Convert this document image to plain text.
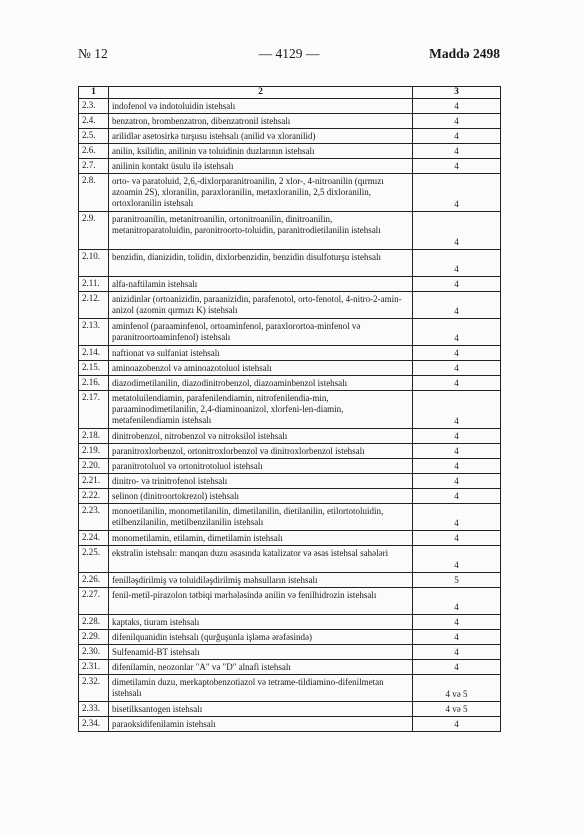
№ 12	— 4129 —	Maddə 2498
1	2	3
2.3.	indofenol və indotoluidin istehsalı	4
2.4.	benzatron, brombenzatron, dibenzatronil istehsalı	4
2.5.	arilidlər asetosirkə turşusu istehsalı (anilid və xloranilid)	4
2.6.	anilin, ksilidin, anilinin və toluidinin duzlarının istehsalı	4
2.7.	anilinin kontakt üsulu ilə istehsalı	4
2.8.	orto- və paratoluid, 2,6,-dixlorparanitroanilin, 2 xlor-, 4-nitroanilin (qırmızı azoamin 2S), xloranilin, paraxloranilin, metaxloranilin, 2,5 dixloranilin, ortoxloranilin istehsalı	4
2.9.	paranitroanilin, metanitroanilin, ortonitroanilin, dinitroanilin, metanitroparatoluidin, paronitroorto-toluidin, paranitrodietilanilin istehsalı	4
2.10.	benzidin, dianizidin, tolidin, dixlorbenzidin, benzidin disulfoturşu istehsalı	4
2.11.	alfa-naftilamin istehsalı	4
2.12.	anizidinlər (ortoanizidin, paraanizidin, parafenotol, orto-fenotol, 4-nitro-2-amin-anizol (azomin qırmızı K) istehsalı	4
2.13.	aminfenol (paraaminfenol, ortoaminfenol, paraxlorortoa-minfenol və paranitroortoaminfenol) istehsalı	4
2.14.	naftionat və sulfaniat istehsalı	4
2.15.	aminoazobenzol və aminoazotoluol istehsalı	4
2.16.	diazodimetilanilin, diazodinitrobenzol, diazoaminbenzol istehsalı	4
2.17.	metatoluilendiamin, parafenilendiamin, nitrofenilendia-min, paraaminodimetilanilin, 2,4-diaminoanizol, xlorfeni-len-diamin, metafenilendiamin istehsalı	4
2.18.	dinitrobenzol, nitrobenzol və nitroksilol istehsalı	4
2.19.	paranitroxlorbenzol, ortonitroxlorbenzol və dinitroxlorbenzol istehsalı	4
2.20.	paranitrotoluol və ortonitrotoluol istehsalı	4
2.21.	dinitro- və trinitrofenol istehsalı	4
2.22.	selinon (dinitroortokrezol) istehsalı	4
2.23.	monoetilanilin, monometilanilin, dimetilanilin, dietilanilin, etilortotoluidin, etilbenzilanilin, metilbenzilanilin istehsalı	4
2.24.	monometilamin, etilamin, dimetilamin istehsalı	4
2.25.	ekstralin istehsalı: manqan duzu əsasında katalizator və əsas istehsal sahələri	4
2.26.	fenilləşdirilmiş və toluidiləşdirilmiş məhsulların istehsalı	5
2.27.	fenil-metil-pirazolon tətbiqi mərhələsində anilin və fenilhidrozin istehsalı	4
2.28.	kaptaks, tiuram istehsalı	4
2.29.	difenilquanidin istehsalı (qurğuşunla işləmə ərəfəsində)	4
2.30.	Sulfenamid-BT istehsalı	4
2.31.	difenilamin, neozonlar "A" və "D" alnafi istehsalı	4
2.32.	dimetilamin duzu, merkaptobenzotiazol və tetrame-tildiamino-difenilmetan istehsalı	4 və 5
2.33.	bisetilksantogen istehsalı	4 və 5
2.34.	paraoksidifenilamin istehsalı	4
